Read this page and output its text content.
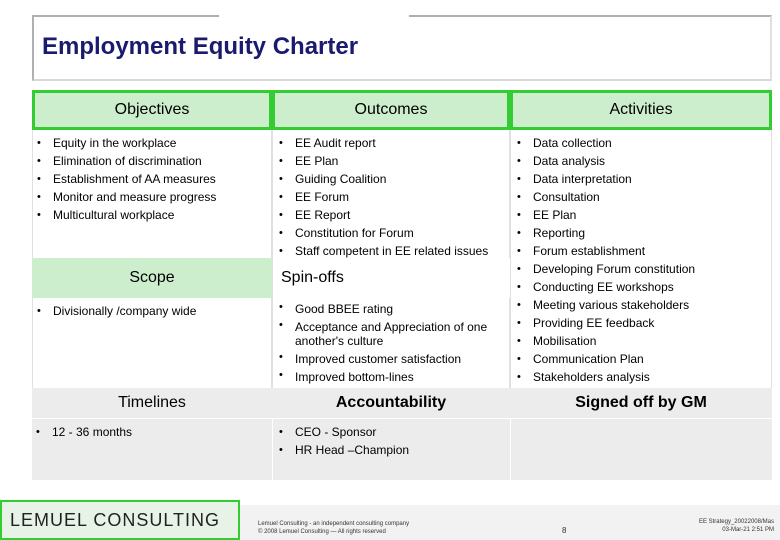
Employment Equity Charter
Objectives	Outcomes	Activities
• Equity in the workplace
• Elimination of discrimination
• Establishment of AA measures
• Monitor and measure progress
• Multicultural workplace
• EE Audit report
• EE Plan
• Guiding Coalition
• EE Forum
• EE Report
• Constitution for Forum
• Staff competent in EE related issues
• Data collection
• Data analysis
• Data interpretation
• Consultation
• EE Plan
• Reporting
• Forum establishment
• Developing Forum constitution
• Conducting EE workshops
• Meeting various stakeholders
• Providing EE feedback
• Mobilisation
• Communication Plan
• Stakeholders analysis
Scope
• Divisionally /company wide
Spin-offs
• Good BBEE rating
• Acceptance and Appreciation of one another's culture
• Improved customer satisfaction
• Improved bottom-lines
Timelines	Accountability	Signed off by GM
• 12 - 36 months
•	CEO - Sponsor
• HR Head –Champion
LEMUEL CONSULTING	Lemuel Consulting - an independent consulting company
© 2008 Lemuel Consulting — All rights reserved	8
EE Strategy_20022008/Mas
03-Mar-21 2:51 PM
